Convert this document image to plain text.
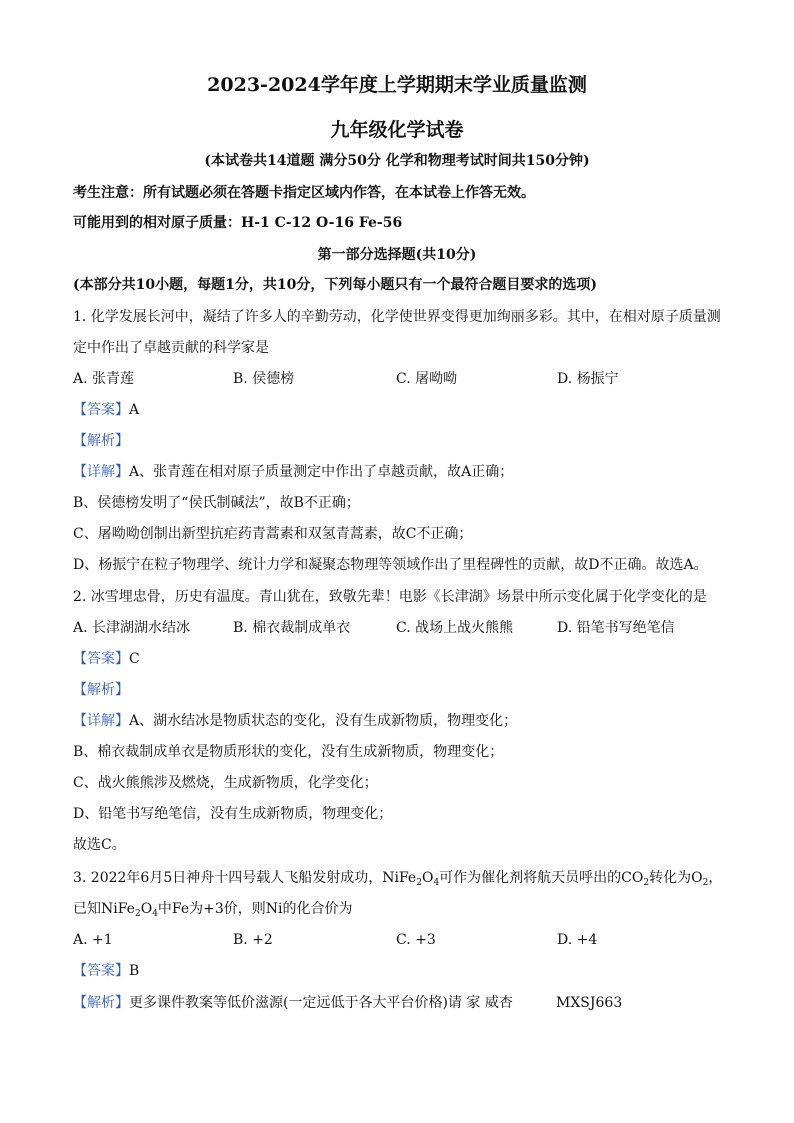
2023-2024学年度上学期期末学业质量监测
九年级化学试卷
(本试卷共14道题 满分50分 化学和物理考试时间共150分钟)
考生注意：所有试题必须在答题卡指定区域内作答，在本试卷上作答无效。
可能用到的相对原子质量：H-1 C-12 O-16 Fe-56
第一部分选择题(共10分)
(本部分共10小题，每题1分，共10分，下列每小题只有一个最符合题目要求的选项)
1. 化学发展长河中，凝结了许多人的辛勤劳动，化学使世界变得更加绚丽多彩。其中，在相对原子质量测
定中作出了卓越贡献的科学家是
A. 张青莲	B. 侯德榜	C. 屠呦呦	D. 杨振宁
【答案】A
【解析】
【详解】A、张青莲在相对原子质量测定中作出了卓越贡献，故A正确；
B、侯德榜发明了“侯氏制碱法”，故B不正确；
C、屠呦呦创制出新型抗疟药青蒿素和双氢青蒿素，故C不正确；
D、杨振宁在粒子物理学、统计力学和凝聚态物理等领域作出了里程碑性的贡献，故D不正确。故选A。
2. 冰雪埋忠骨，历史有温度。青山犹在，致敬先辈！电影《长津湖》场景中所示变化属于化学变化的是
A. 长津湖湖水结冰	B. 棉衣裁制成单衣	C. 战场上战火熊熊	D. 铅笔书写绝笔信
【答案】C
【解析】
【详解】A、湖水结冰是物质状态的变化，没有生成新物质，物理变化；
B、棉衣裁制成单衣是物质形状的变化，没有生成新物质，物理变化；
C、战火熊熊涉及燃烧，生成新物质，化学变化；
D、铅笔书写绝笔信，没有生成新物质，物理变化；
故选C。
3. 2022年6月5日神舟十四号载人飞船发射成功，$NiFe_2O_4$可作为催化剂将航天员呼出的$CO_2$转化为$O_2$，
已知$NiFe_2O_4$中Fe为+3价，则Ni的化合价为
A. +1	B. +2	C. +3	D. +4
【答案】B
【解析】更多课件教案等低价滋源(一定远低于各大平台价格)请 家 威杏	MXSJ663
